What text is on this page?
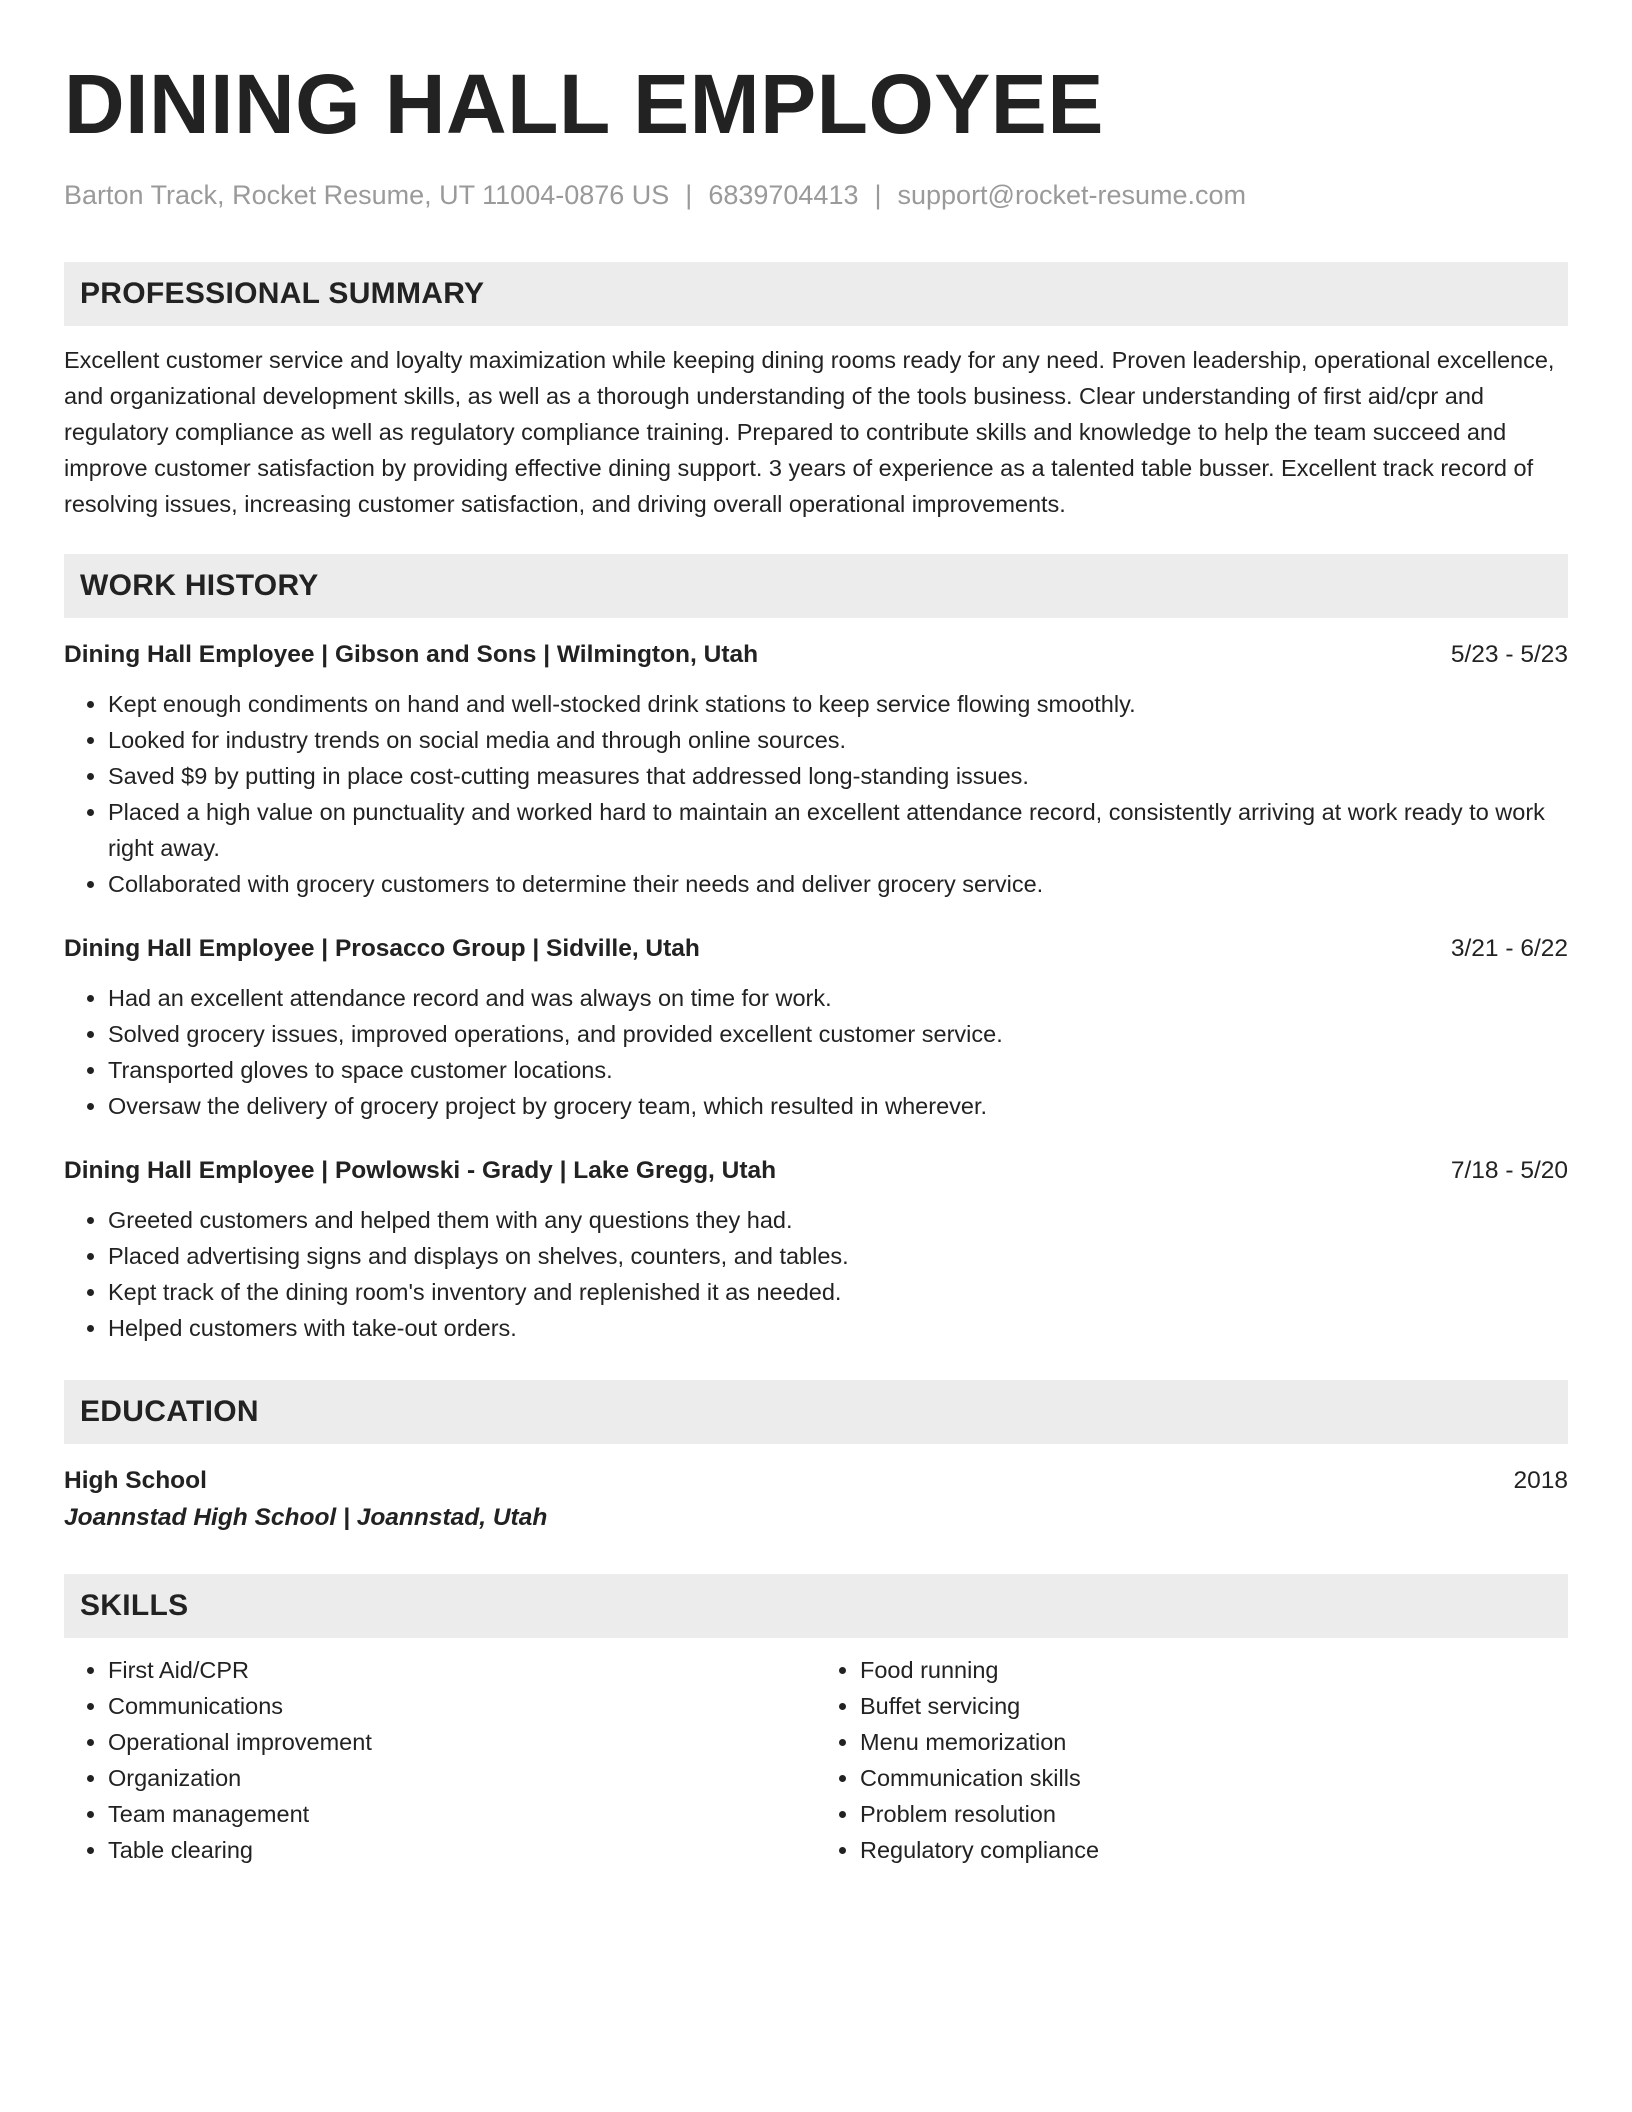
DINING HALL EMPLOYEE
Barton Track, Rocket Resume, UT 11004-0876 US | 6839704413 | support@rocket-resume.com
PROFESSIONAL SUMMARY
Excellent customer service and loyalty maximization while keeping dining rooms ready for any need. Proven leadership, operational excellence, and organizational development skills, as well as a thorough understanding of the tools business. Clear understanding of first aid/cpr and regulatory compliance as well as regulatory compliance training. Prepared to contribute skills and knowledge to help the team succeed and improve customer satisfaction by providing effective dining support. 3 years of experience as a talented table busser. Excellent track record of resolving issues, increasing customer satisfaction, and driving overall operational improvements.
WORK HISTORY
Dining Hall Employee | Gibson and Sons | Wilmington, Utah	5/23 - 5/23
• Kept enough condiments on hand and well-stocked drink stations to keep service flowing smoothly.
• Looked for industry trends on social media and through online sources.
• Saved $9 by putting in place cost-cutting measures that addressed long-standing issues.
• Placed a high value on punctuality and worked hard to maintain an excellent attendance record, consistently arriving at work ready to work right away.
• Collaborated with grocery customers to determine their needs and deliver grocery service.
Dining Hall Employee | Prosacco Group | Sidville, Utah	3/21 - 6/22
• Had an excellent attendance record and was always on time for work.
• Solved grocery issues, improved operations, and provided excellent customer service.
• Transported gloves to space customer locations.
• Oversaw the delivery of grocery project by grocery team, which resulted in wherever.
Dining Hall Employee | Powlowski - Grady | Lake Gregg, Utah	7/18 - 5/20
• Greeted customers and helped them with any questions they had.
• Placed advertising signs and displays on shelves, counters, and tables.
• Kept track of the dining room's inventory and replenished it as needed.
• Helped customers with take-out orders.
EDUCATION
High School	2018
Joannstad High School | Joannstad, Utah
SKILLS
• First Aid/CPR
• Communications
• Operational improvement
• Organization
• Team management
• Table clearing
• Food running
• Buffet servicing
• Menu memorization
• Communication skills
• Problem resolution
• Regulatory compliance
